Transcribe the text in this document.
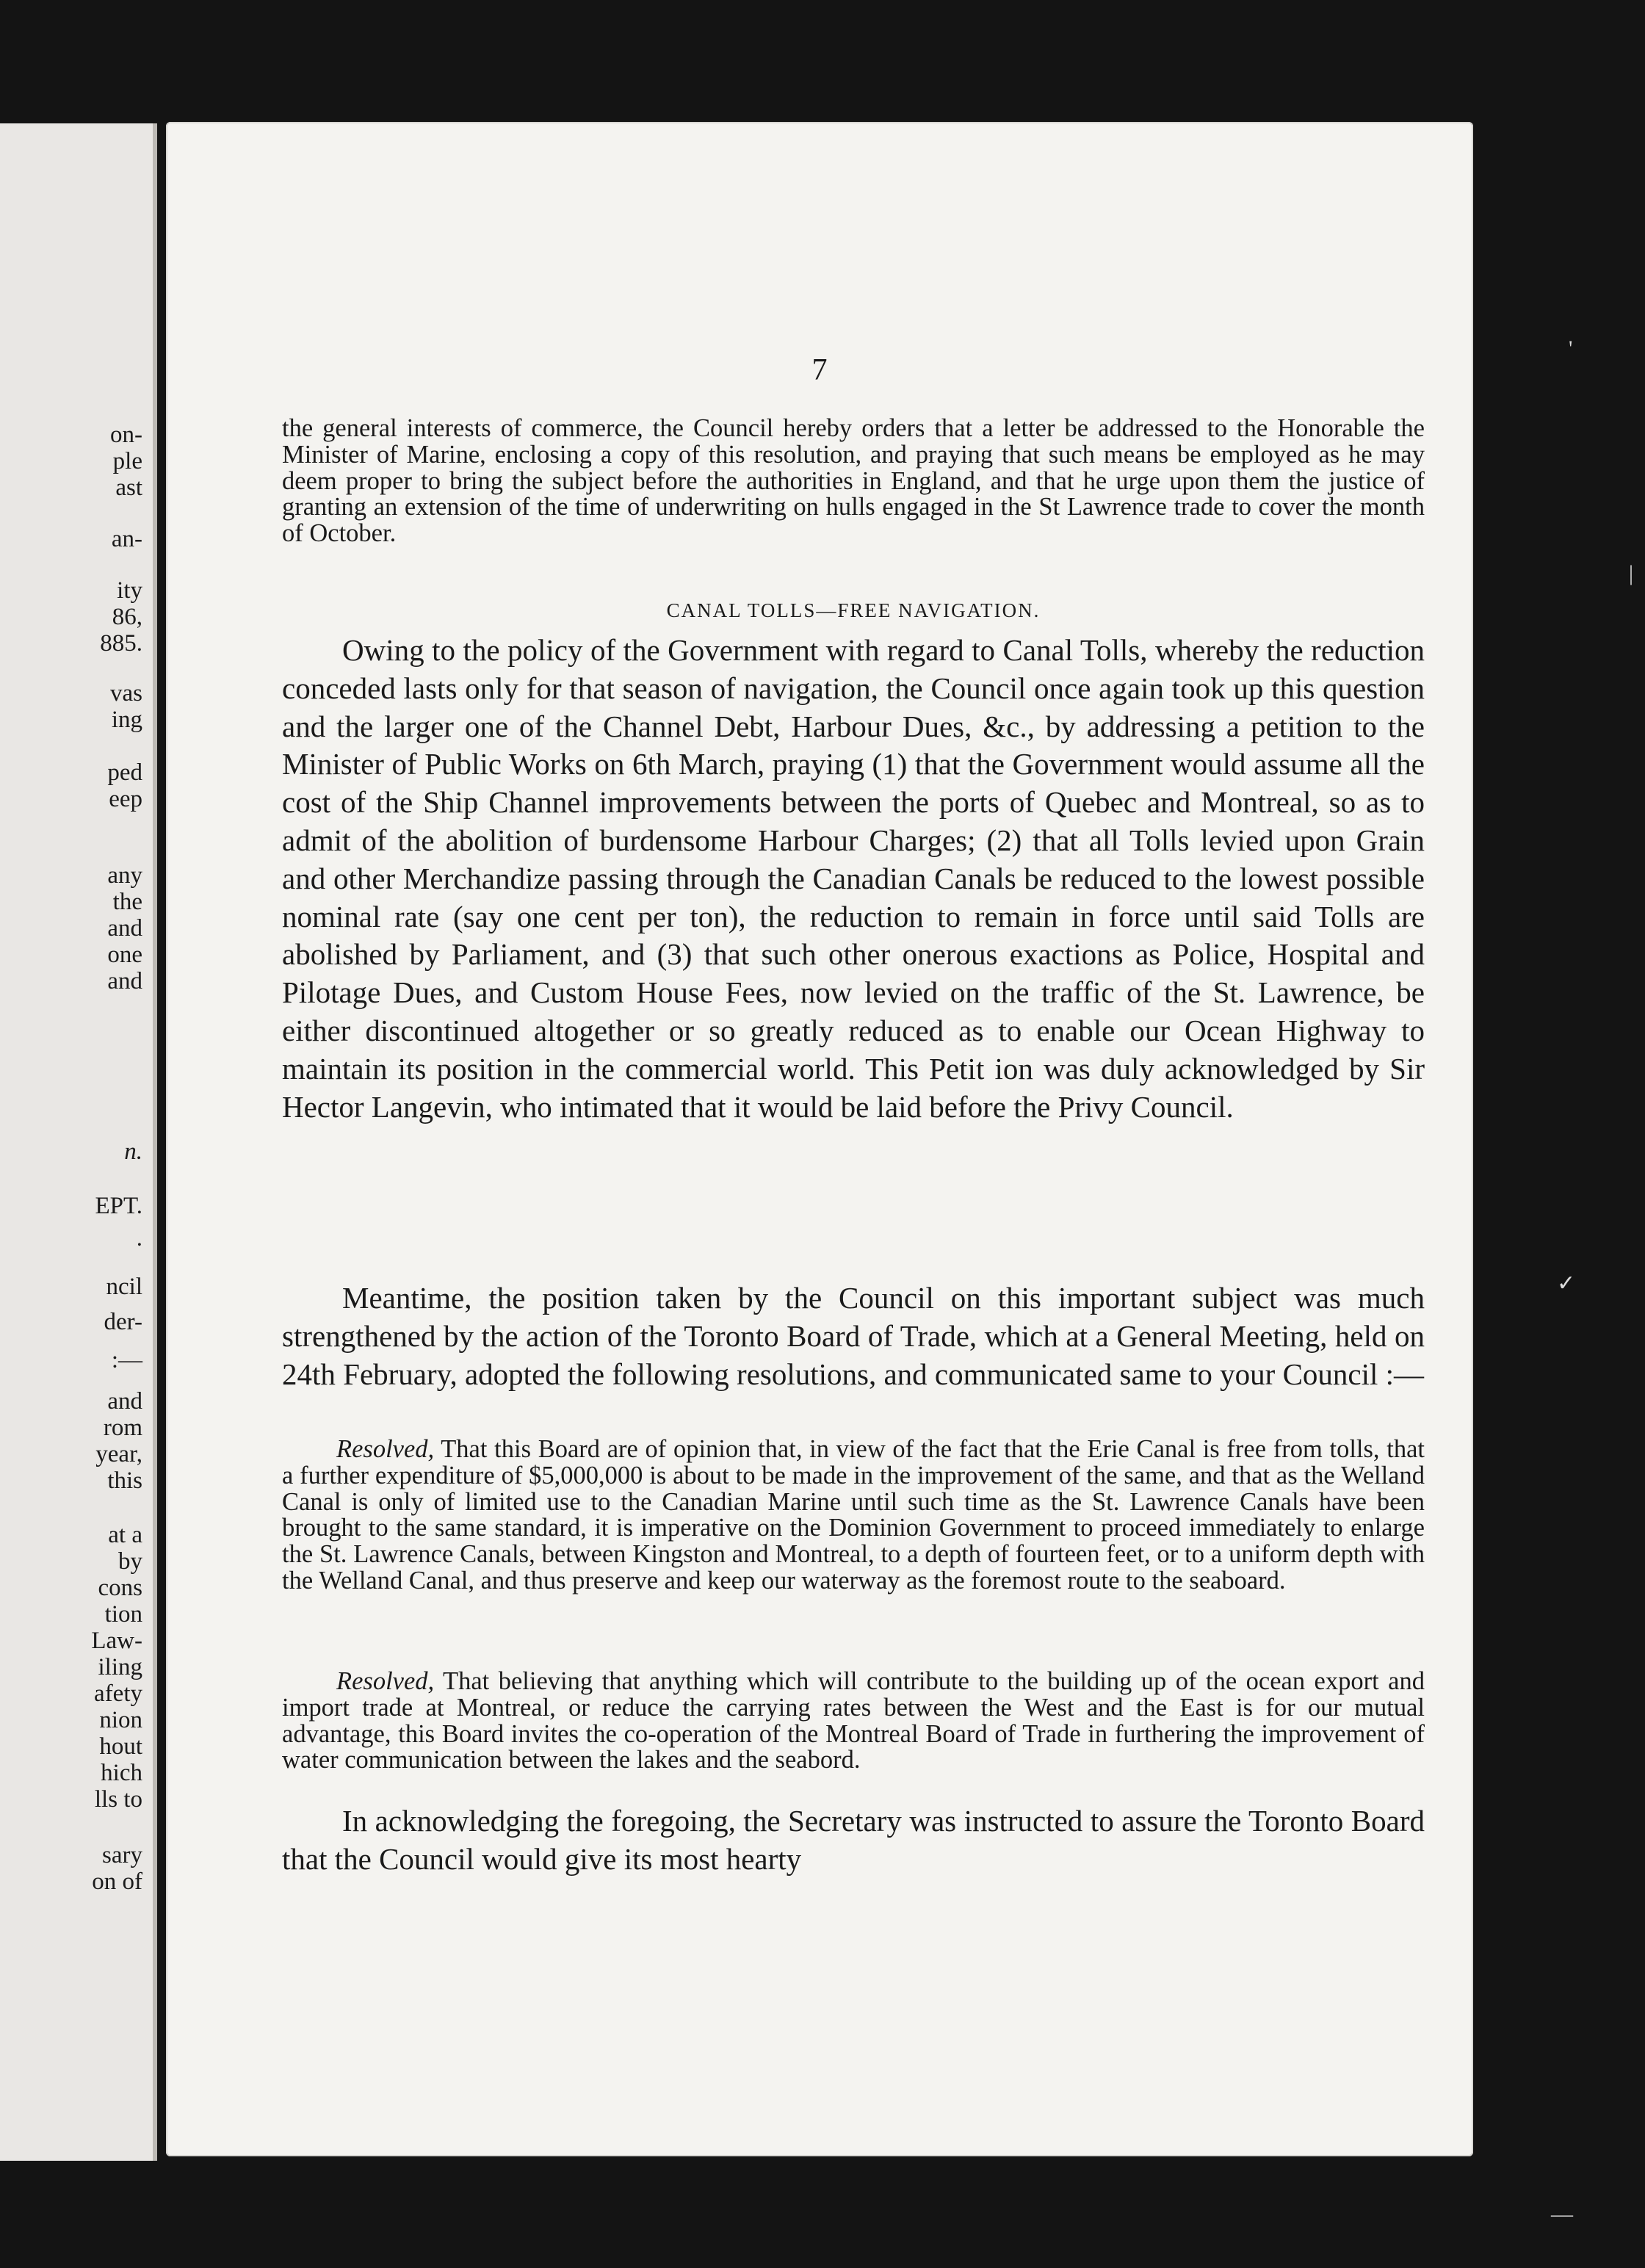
on-

ple

ast

an-

ity

86,

885.

vas

ing

ped

eep

any

the

and

one

and

n.

EPT.

.

ncil

der-

:—

and

rom

year,

this

at a

by

cons

tion

Law-

iling

afety

nion

hout

hich

lls to

sary

on of

7

the general interests of commerce, the Council hereby orders that a letter be addressed to the Honorable the Minister of Marine, enclosing a copy of this resolution, and praying that such means be employed as he may deem proper to bring the subject before the authorities in England, and that he urge upon them the justice of granting an extension of the time of underwriting on hulls engaged in the St Lawrence trade to cover the month of October.

CANAL TOLLS—FREE NAVIGATION.

Owing to the policy of the Government with regard to Canal Tolls, whereby the reduction conceded lasts only for that season of navigation, the Council once again took up this question and the larger one of the Channel Debt, Harbour Dues, &c., by addressing a petition to the Minister of Public Works on 6th March, praying (1) that the Government would assume all the cost of the Ship Channel improvements between the ports of Quebec and Montreal, so as to admit of the abolition of burdensome Harbour Charges; (2) that all Tolls levied upon Grain and other Merchandize passing through the Canadian Canals be reduced to the lowest possible nominal rate (say one cent per ton), the reduction to remain in force until said Tolls are abolished by Parliament, and (3) that such other onerous exactions as Police, Hospital and Pilotage Dues, and Custom House Fees, now levied on the traffic of the St. Lawrence, be either discontinued altogether or so greatly reduced as to enable our Ocean Highway to maintain its position in the commercial world. This Petit ion was duly acknowledged by Sir Hector Langevin, who intimated that it would be laid before the Privy Council.

Meantime, the position taken by the Council on this important subject was much strengthened by the action of the Toronto Board of Trade, which at a General Meeting, held on 24th February, adopted the following resolutions, and communicated same to your Council :—

Resolved, That this Board are of opinion that, in view of the fact that the Erie Canal is free from tolls, that a further expenditure of $5,000,000 is about to be made in the improvement of the same, and that as the Welland Canal is only of limited use to the Canadian Marine until such time as the St. Lawrence Canals have been brought to the same standard, it is imperative on the Dominion Government to proceed immediately to enlarge the St. Lawrence Canals, between Kingston and Montreal, to a depth of fourteen feet, or to a uniform depth with the Welland Canal, and thus preserve and keep our waterway as the foremost route to the seaboard.

Resolved, That believing that anything which will contribute to the building up of the ocean export and import trade at Montreal, or reduce the carrying rates between the West and the East is for our mutual advantage, this Board invites the co-operation of the Montreal Board of Trade in furthering the improvement of water communication between the lakes and the seabord.

In acknowledging the foregoing, the Secretary was instructed to assure the Toronto Board that the Council would give its most hearty

|

'

✓

—
